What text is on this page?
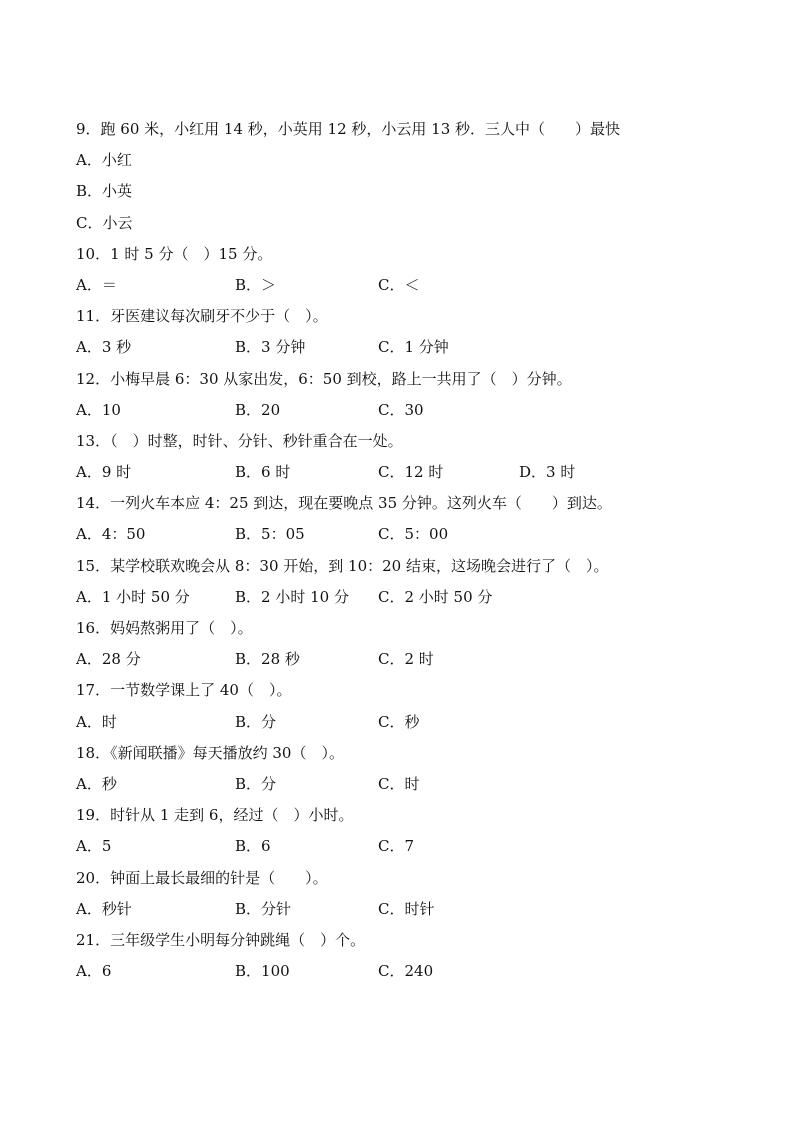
9．跑 60 米，小红用 14 秒，小英用 12 秒，小云用 13 秒．三人中（　　）最快
A．小红
B．小英
C．小云
10．1 时 5 分（　）15 分。
A．＝	B．＞	C．＜
11．牙医建议每次刷牙不少于（　）。
A．3 秒	B．3 分钟	C．1 分钟
12．小梅早晨 6：30 从家出发，6：50 到校，路上一共用了（　）分钟。
A．10	B．20	C．30
13．（　）时整，时针、分针、秒针重合在一处。
A．9 时	B．6 时	C．12 时	D．3 时
14．一列火车本应 4：25 到达，现在要晚点 35 分钟。这列火车（　　）到达。
A．4：50	B．5：05	C．5：00
15．某学校联欢晚会从 8：30 开始，到 10：20 结束，这场晚会进行了（　）。
A．1 小时 50 分	B．2 小时 10 分 C．2 小时 50 分
16．妈妈熬粥用了（　）。
A．28 分	B．28 秒	C．2 时
17．一节数学课上了 40（　）。
A．时	B．分	C．秒
18．《新闻联播》每天播放约 30（　）。
A．秒	B．分	C．时
19．时针从 1 走到 6，经过（　）小时。
A．5	B．6	C．7
20．钟面上最长最细的针是（　　）。
A．秒针	B．分针	C．时针
21．三年级学生小明每分钟跳绳（　）个。
A．6	B．100	C．240
